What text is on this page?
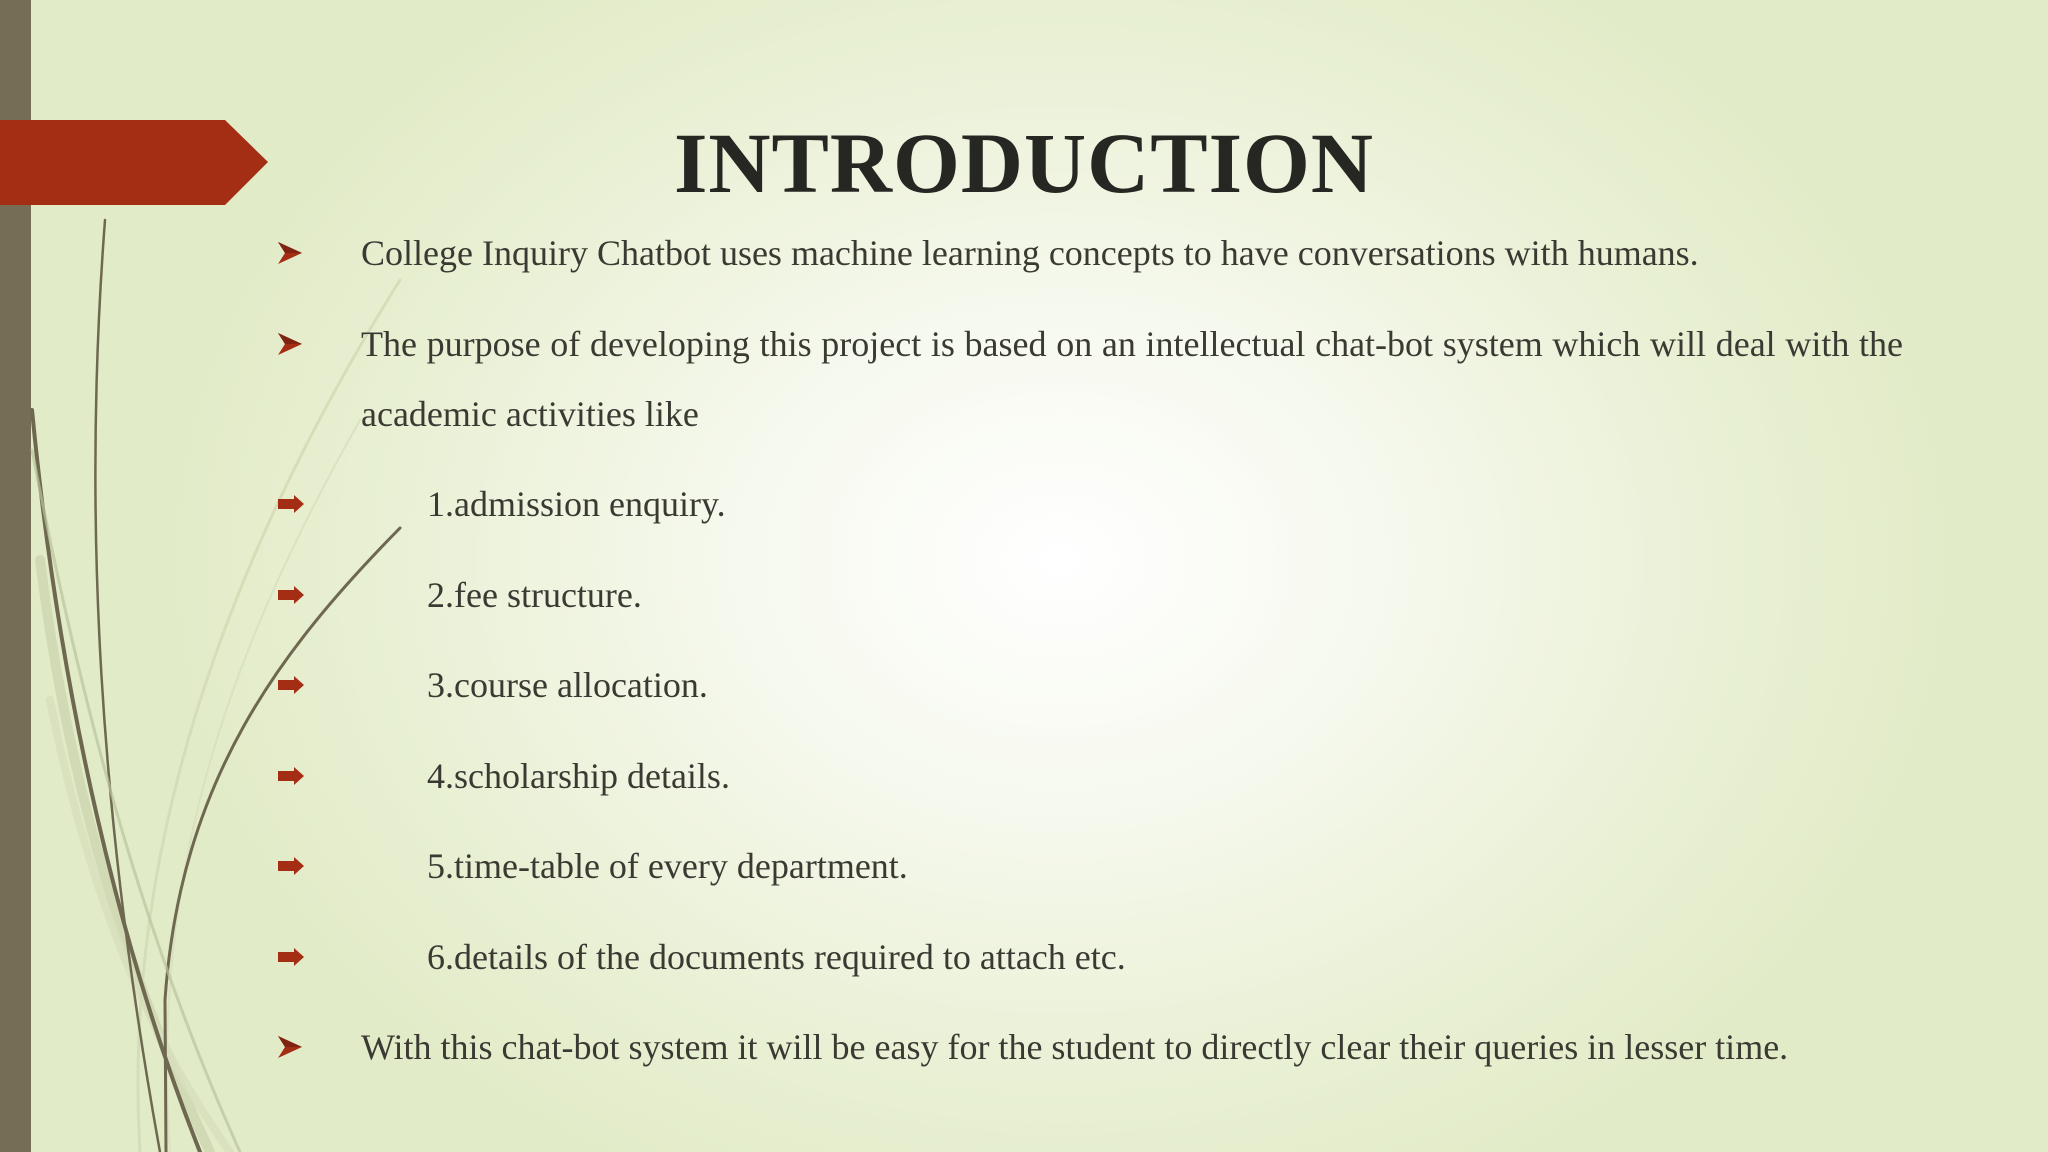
INTRODUCTION
College Inquiry Chatbot uses machine learning concepts to have conversations with humans.
The purpose of developing this project is based on an intellectual chat-bot system which will deal with the academic activities like
1.admission enquiry.
2.fee structure.
3.course allocation.
4.scholarship details.
5.time-table of every department.
6.details of the documents required to attach etc.
With this chat-bot system it will be easy for the student to directly clear their queries in lesser time.
